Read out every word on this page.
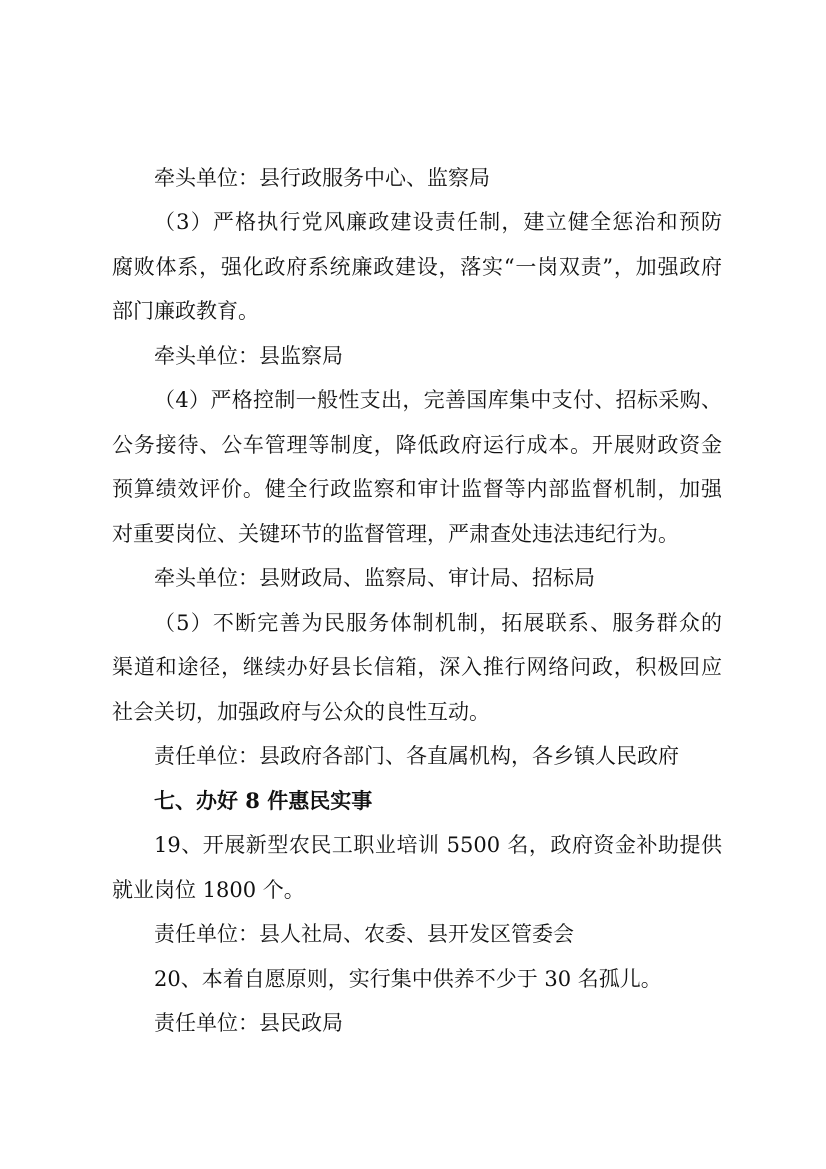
牵头单位：县行政服务中心、监察局
（3）严格执行党风廉政建设责任制，建立健全惩治和预防
腐败体系，强化政府系统廉政建设，落实“一岗双责”，加强政府
部门廉政教育。
牵头单位：县监察局
（4）严格控制一般性支出，完善国库集中支付、招标采购、
公务接待、公车管理等制度，降低政府运行成本。开展财政资金
预算绩效评价。健全行政监察和审计监督等内部监督机制，加强
对重要岗位、关键环节的监督管理，严肃查处违法违纪行为。
牵头单位：县财政局、监察局、审计局、招标局
（5）不断完善为民服务体制机制，拓展联系、服务群众的
渠道和途径，继续办好县长信箱，深入推行网络问政，积极回应
社会关切，加强政府与公众的良性互动。
责任单位：县政府各部门、各直属机构，各乡镇人民政府
七、办好 8 件惠民实事
19、开展新型农民工职业培训 5500 名，政府资金补助提供
就业岗位 1800 个。
责任单位：县人社局、农委、县开发区管委会
20、本着自愿原则，实行集中供养不少于 30 名孤儿。
责任单位：县民政局
